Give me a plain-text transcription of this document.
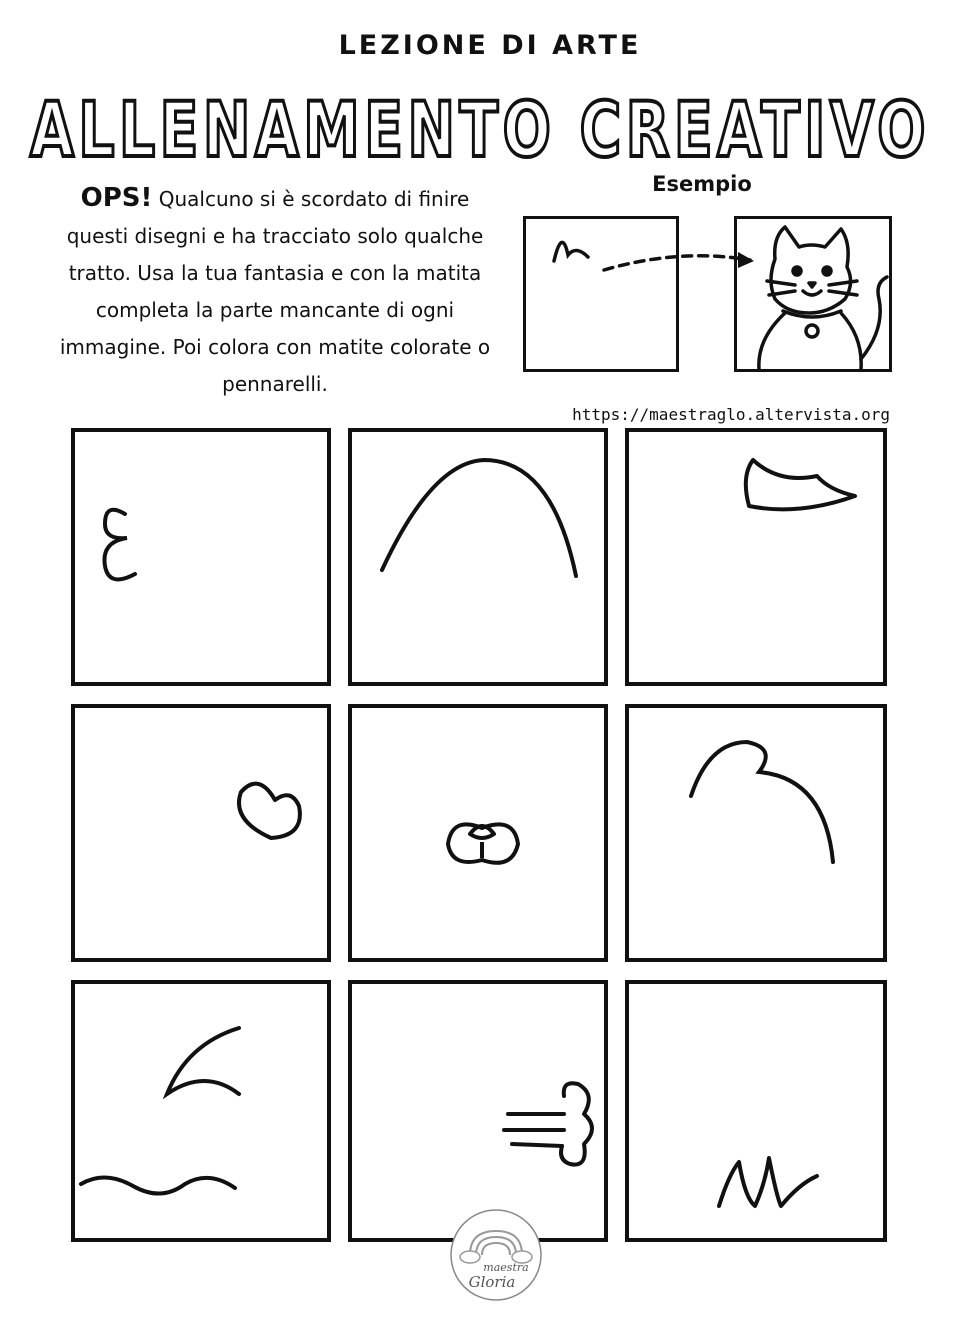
LEZIONE DI ARTE
ALLENAMENTO CREATIVO
OPS! Qualcuno si è scordato di finire questi disegni e ha tracciato solo qualche tratto. Usa la tua fantasia e con la matita completa la parte mancante di ogni immagine. Poi colora con matite colorate o pennarelli.
Esempio
https://maestraglo.altervista.org
maestra
Gloria
